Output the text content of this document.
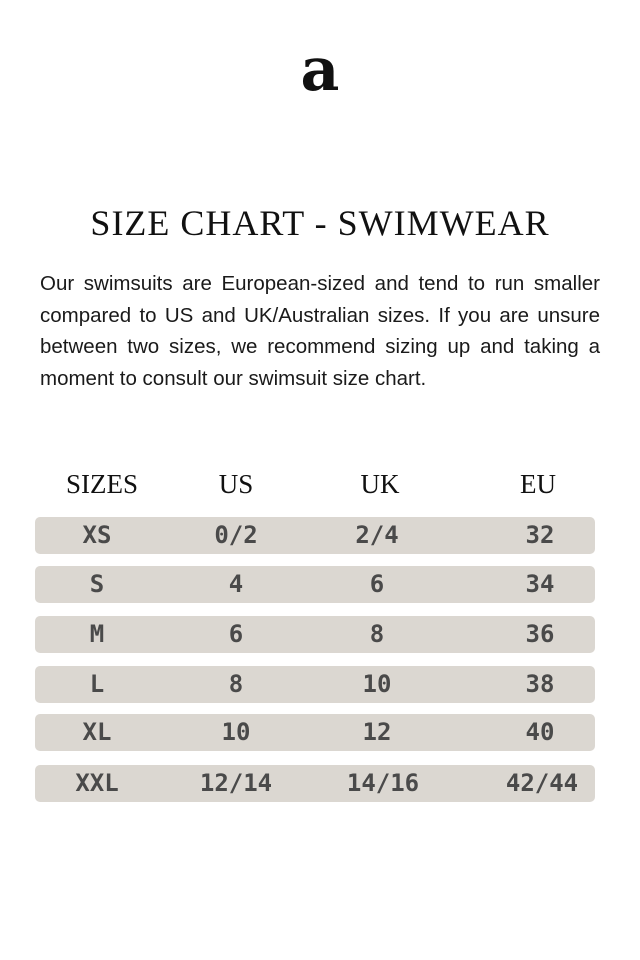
a
SIZE CHART - SWIMWEAR

Our swimsuits are European-sized and tend to run smaller compared to US and UK/Australian sizes. If you are unsure between two sizes, we recommend sizing up and taking a moment to consult our swimsuit size chart.

SIZES	US	UK	EU
XS	0/2	2/4	32
S	4	6	34
M	6	8	36
L	8	10	38
XL	10	12	40
XXL	12/14	14/16	42/44
